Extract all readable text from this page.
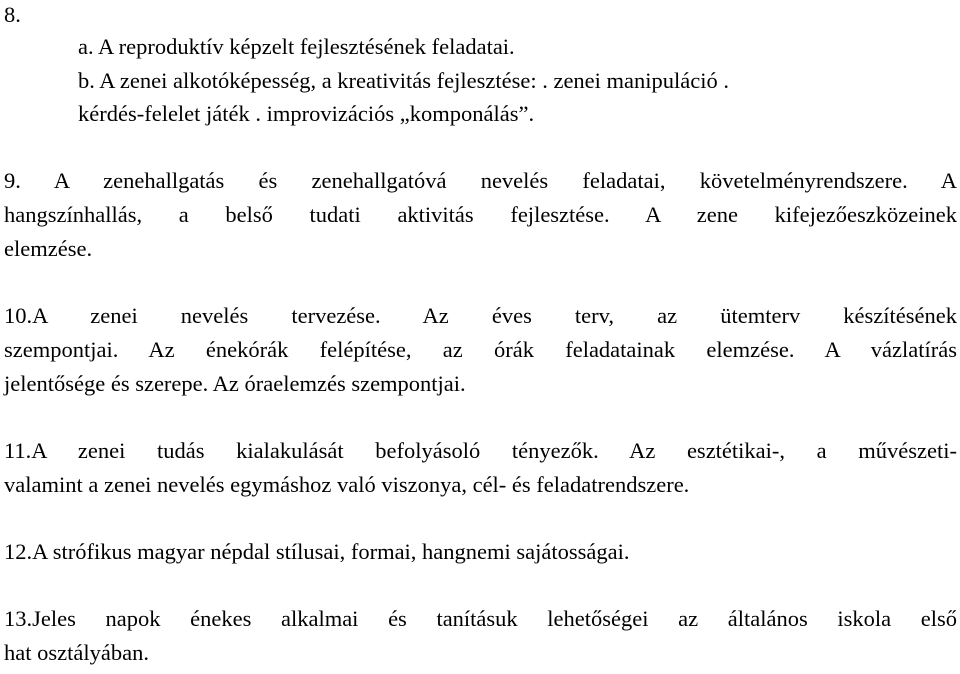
8.
a. A reproduktív képzelt fejlesztésének feladatai.
b. A zenei alkotóképesség, a kreativitás fejlesztése: . zenei manipuláció .
kérdés-felelet játék . improvizációs „komponálás”.
9. A zenehallgatás és zenehallgatóvá nevelés feladatai, követelményrendszere. A
hangszínhallás, a belső tudati aktivitás fejlesztése. A zene kifejezőeszközeinek
elemzése.
10.A zenei nevelés tervezése. Az éves terv, az ütemterv készítésének
szempontjai. Az énekórák felépítése, az órák feladatainak elemzése. A vázlatírás
jelentősége és szerepe. Az óraelemzés szempontjai.
11.A zenei tudás kialakulását befolyásoló tényezők. Az esztétikai-, a művészeti-
valamint a zenei nevelés egymáshoz való viszonya, cél- és feladatrendszere.
12.A strófikus magyar népdal stílusai, formai, hangnemi sajátosságai.
13.Jeles napok énekes alkalmai és tanításuk lehetőségei az általános iskola első
hat osztályában.
